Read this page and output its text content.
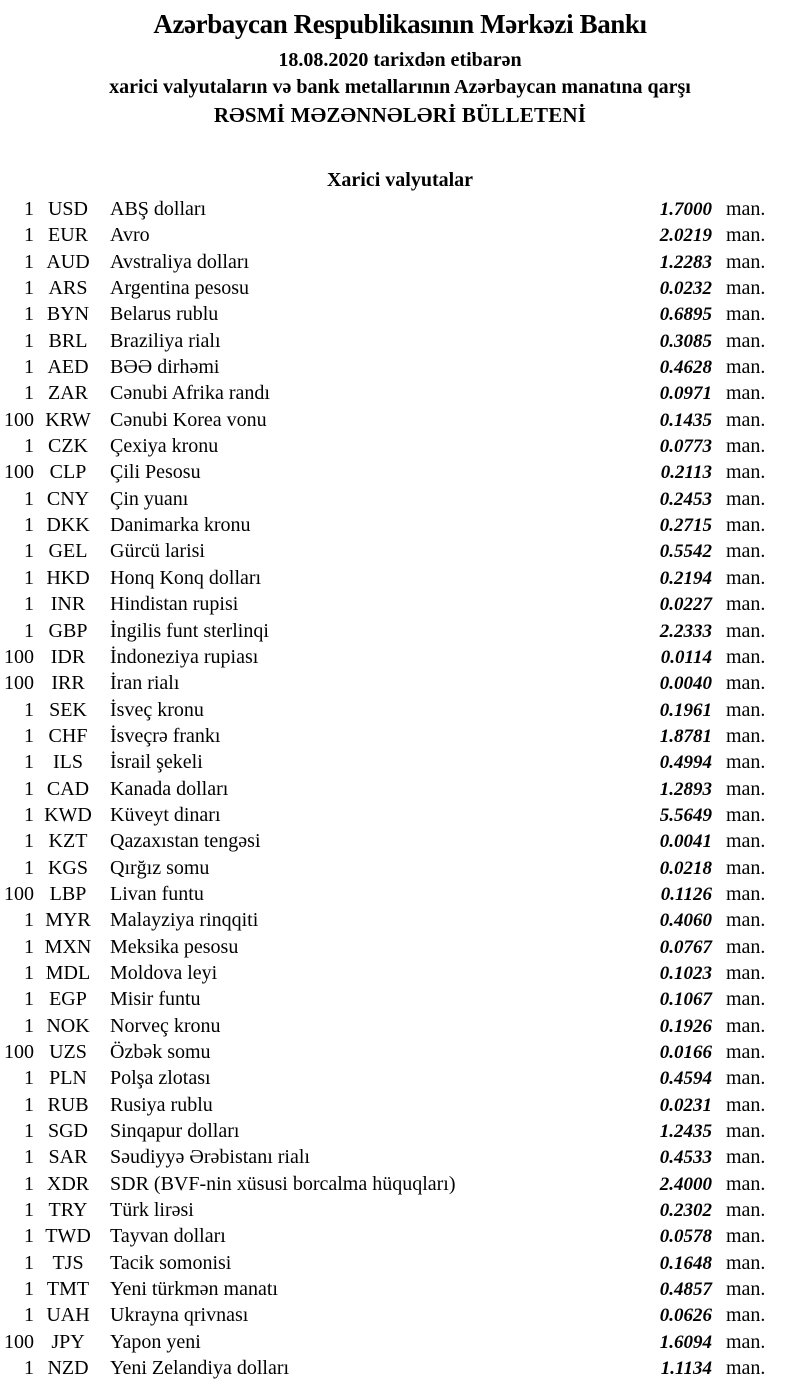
Azərbaycan Respublikasının Mərkəzi Bankı
18.08.2020 tarixdən etibarən
xarici valyutaların və bank metallarının Azərbaycan manatına qarşı
RƏSMİ MƏZƏNNƏLƏRİ BÜLLETENİ
Xarici valyutalar
1 USD	ABŞ dolları	1.7000 man.
1 EUR	Avro	2.0219 man.
1 AUD	Avstraliya dolları	1.2283 man.
1 ARS	Argentina pesosu	0.0232 man.
1 BYN	Belarus rublu	0.6895 man.
1 BRL	Braziliya rialı	0.3085 man.
1 AED	BƏƏ dirhəmi	0.4628 man.
1 ZAR	Cənubi Afrika randı	0.0971 man.
100 KRW Cənubi Korea vonu	0.1435 man.
1 CZK	Çexiya kronu	0.0773 man.
100 CLP	Çili Pesosu	0.2113 man.
1 CNY	Çin yuanı	0.2453 man.
1 DKK	Danimarka kronu	0.2715 man.
1 GEL	Gürcü larisi	0.5542 man.
1 HKD	Honq Konq dolları	0.2194 man.
1 INR	Hindistan rupisi	0.0227 man.
1 GBP	İngilis funt sterlinqi	2.2333 man.
100 IDR	İndoneziya rupiası	0.0114 man.
100 IRR	İran rialı	0.0040 man.
1 SEK	İsveç kronu	0.1961 man.
1 CHF	İsveçrə frankı	1.8781 man.
1 ILS	İsrail şekeli	0.4994 man.
1 CAD	Kanada dolları	1.2893 man.
1 KWD Küveyt dinarı	5.5649 man.
1 KZT	Qazaxıstan tengəsi	0.0041 man.
1 KGS	Qırğız somu	0.0218 man.
100 LBP	Livan funtu	0.1126 man.
1 MYR Malayziya rinqqiti	0.4060 man.
1 MXN Meksika pesosu	0.0767 man.
1 MDL Moldova leyi	0.1023 man.
1 EGP	Misir funtu	0.1067 man.
1 NOK	Norveç kronu	0.1926 man.
100 UZS	Özbək somu	0.0166 man.
1 PLN	Polşa zlotası	0.4594 man.
1 RUB	Rusiya rublu	0.0231 man.
1 SGD	Sinqapur dolları	1.2435 man.
1 SAR	Səudiyyə Ərəbistanı rialı	0.4533 man.
1 XDR	SDR (BVF-nin xüsusi borcalma hüquqları)	2.4000 man.
1 TRY	Türk lirəsi	0.2302 man.
1 TWD Tayvan dolları	0.0578 man.
1 TJS	Tacik somonisi	0.1648 man.
1 TMT	Yeni türkmən manatı	0.4857 man.
1 UAH	Ukrayna qrivnası	0.0626 man.
100 JPY	Yapon yeni	1.6094 man.
1 NZD	Yeni Zelandiya dolları	1.1134 man.
